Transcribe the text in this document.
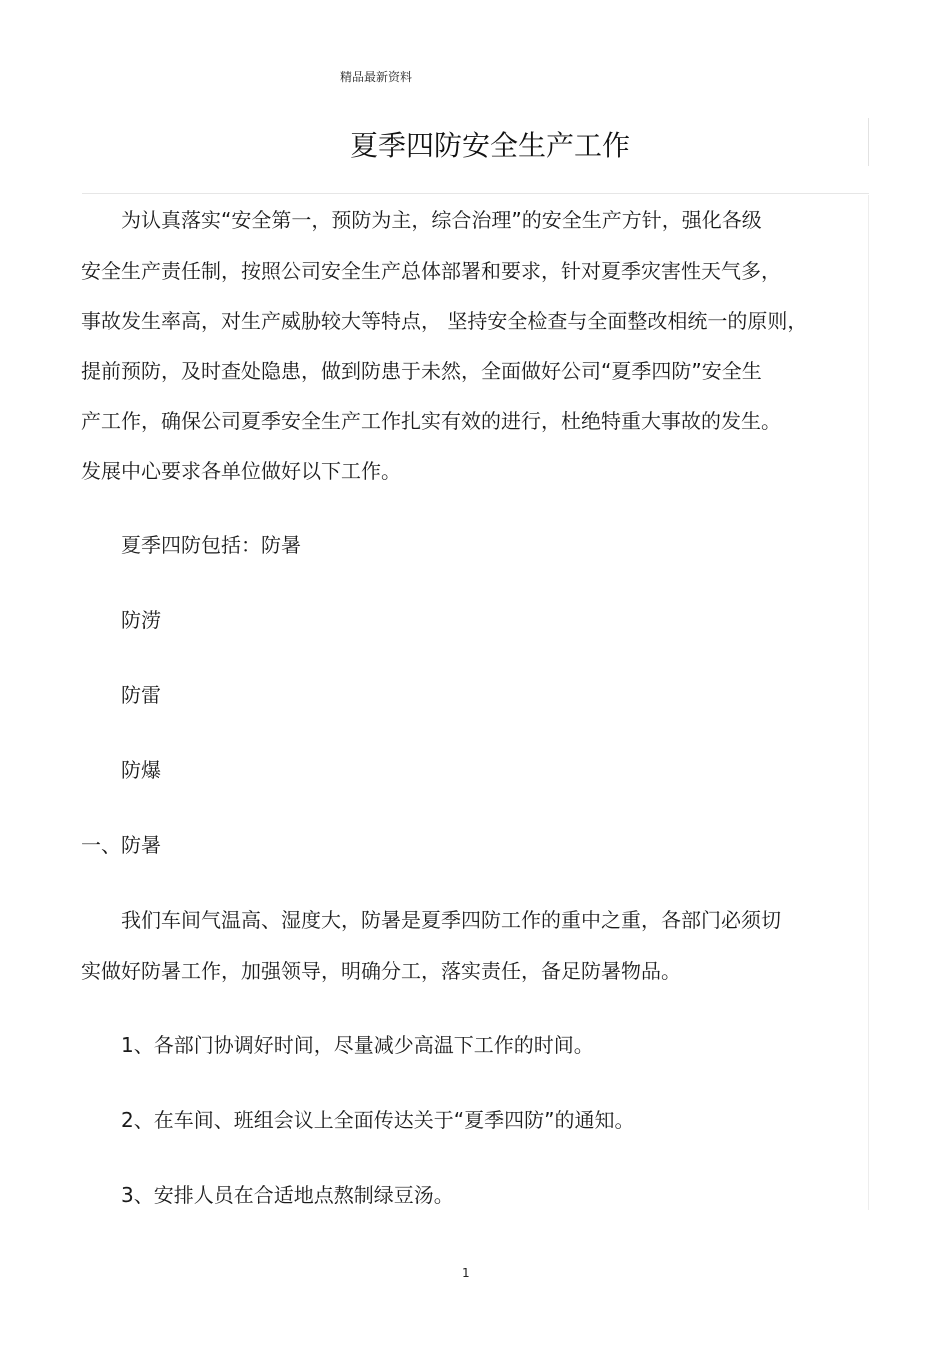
精品最新资料
夏季四防安全生产工作
为认真落实“安全第一，预防为主，综合治理”的安全生产方针，强化各级
安全生产责任制，按照公司安全生产总体部署和要求，针对夏季灾害性天气多，
事故发生率高，对生产威胁较大等特点， 坚持安全检查与全面整改相统一的原则，
提前预防，及时查处隐患，做到防患于未然，全面做好公司“夏季四防”安全生
产工作，确保公司夏季安全生产工作扎实有效的进行，杜绝特重大事故的发生。
发展中心要求各单位做好以下工作。
夏季四防包括：防暑
防涝
防雷
防爆
一、防暑
我们车间气温高、湿度大，防暑是夏季四防工作的重中之重，各部门必须切
实做好防暑工作，加强领导，明确分工，落实责任，备足防暑物品。
1、各部门协调好时间，尽量减少高温下工作的时间。
2、在车间、班组会议上全面传达关于“夏季四防”的通知。
3、安排人员在合适地点熬制绿豆汤。
1
